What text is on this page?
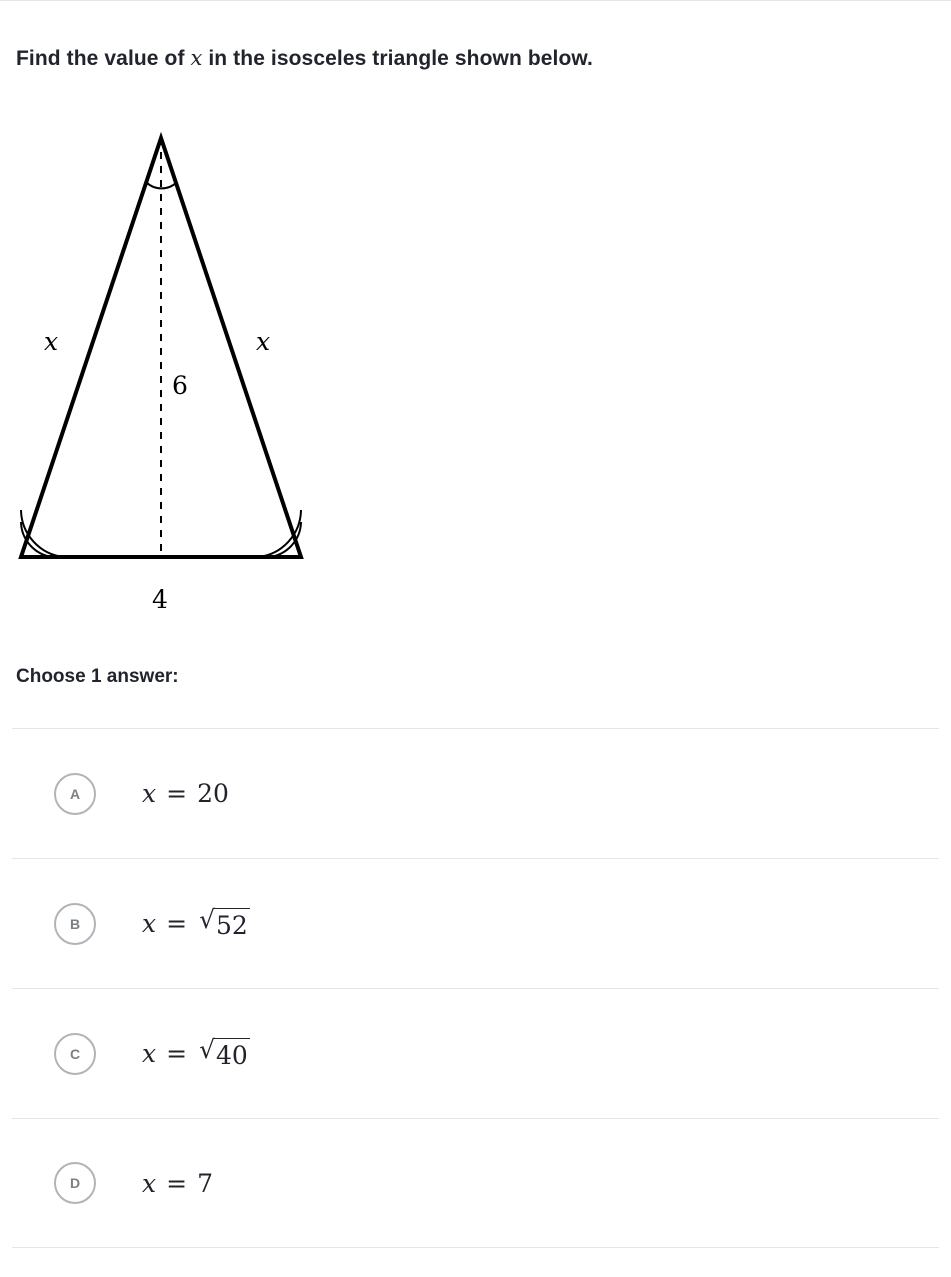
Find the value of x in the isosceles triangle shown below.
x	x
6
4
Choose 1 answer:
A	x = 20
B	x = √ 52
C	x = √ 40
D	x = 7
